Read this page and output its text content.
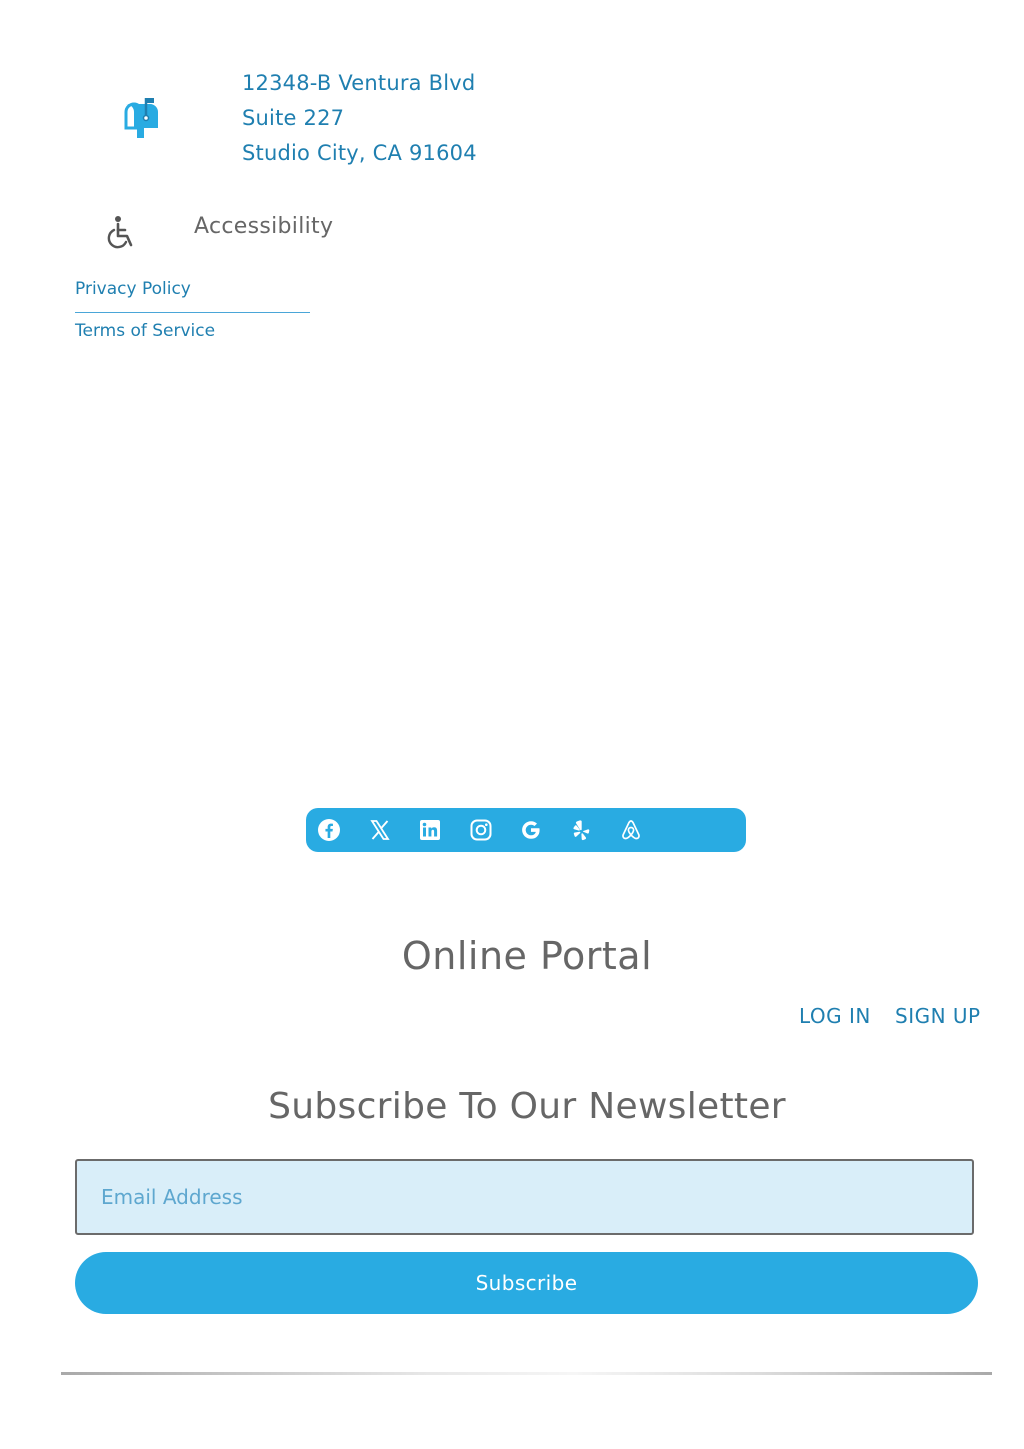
12348-B Ventura Blvd
Suite 227
Studio City, CA 91604
Accessibility
Privacy Policy
Terms of Service
Online Portal
LOG IN SIGN UP
Subscribe To Our Newsletter
Email Address
Subscribe
